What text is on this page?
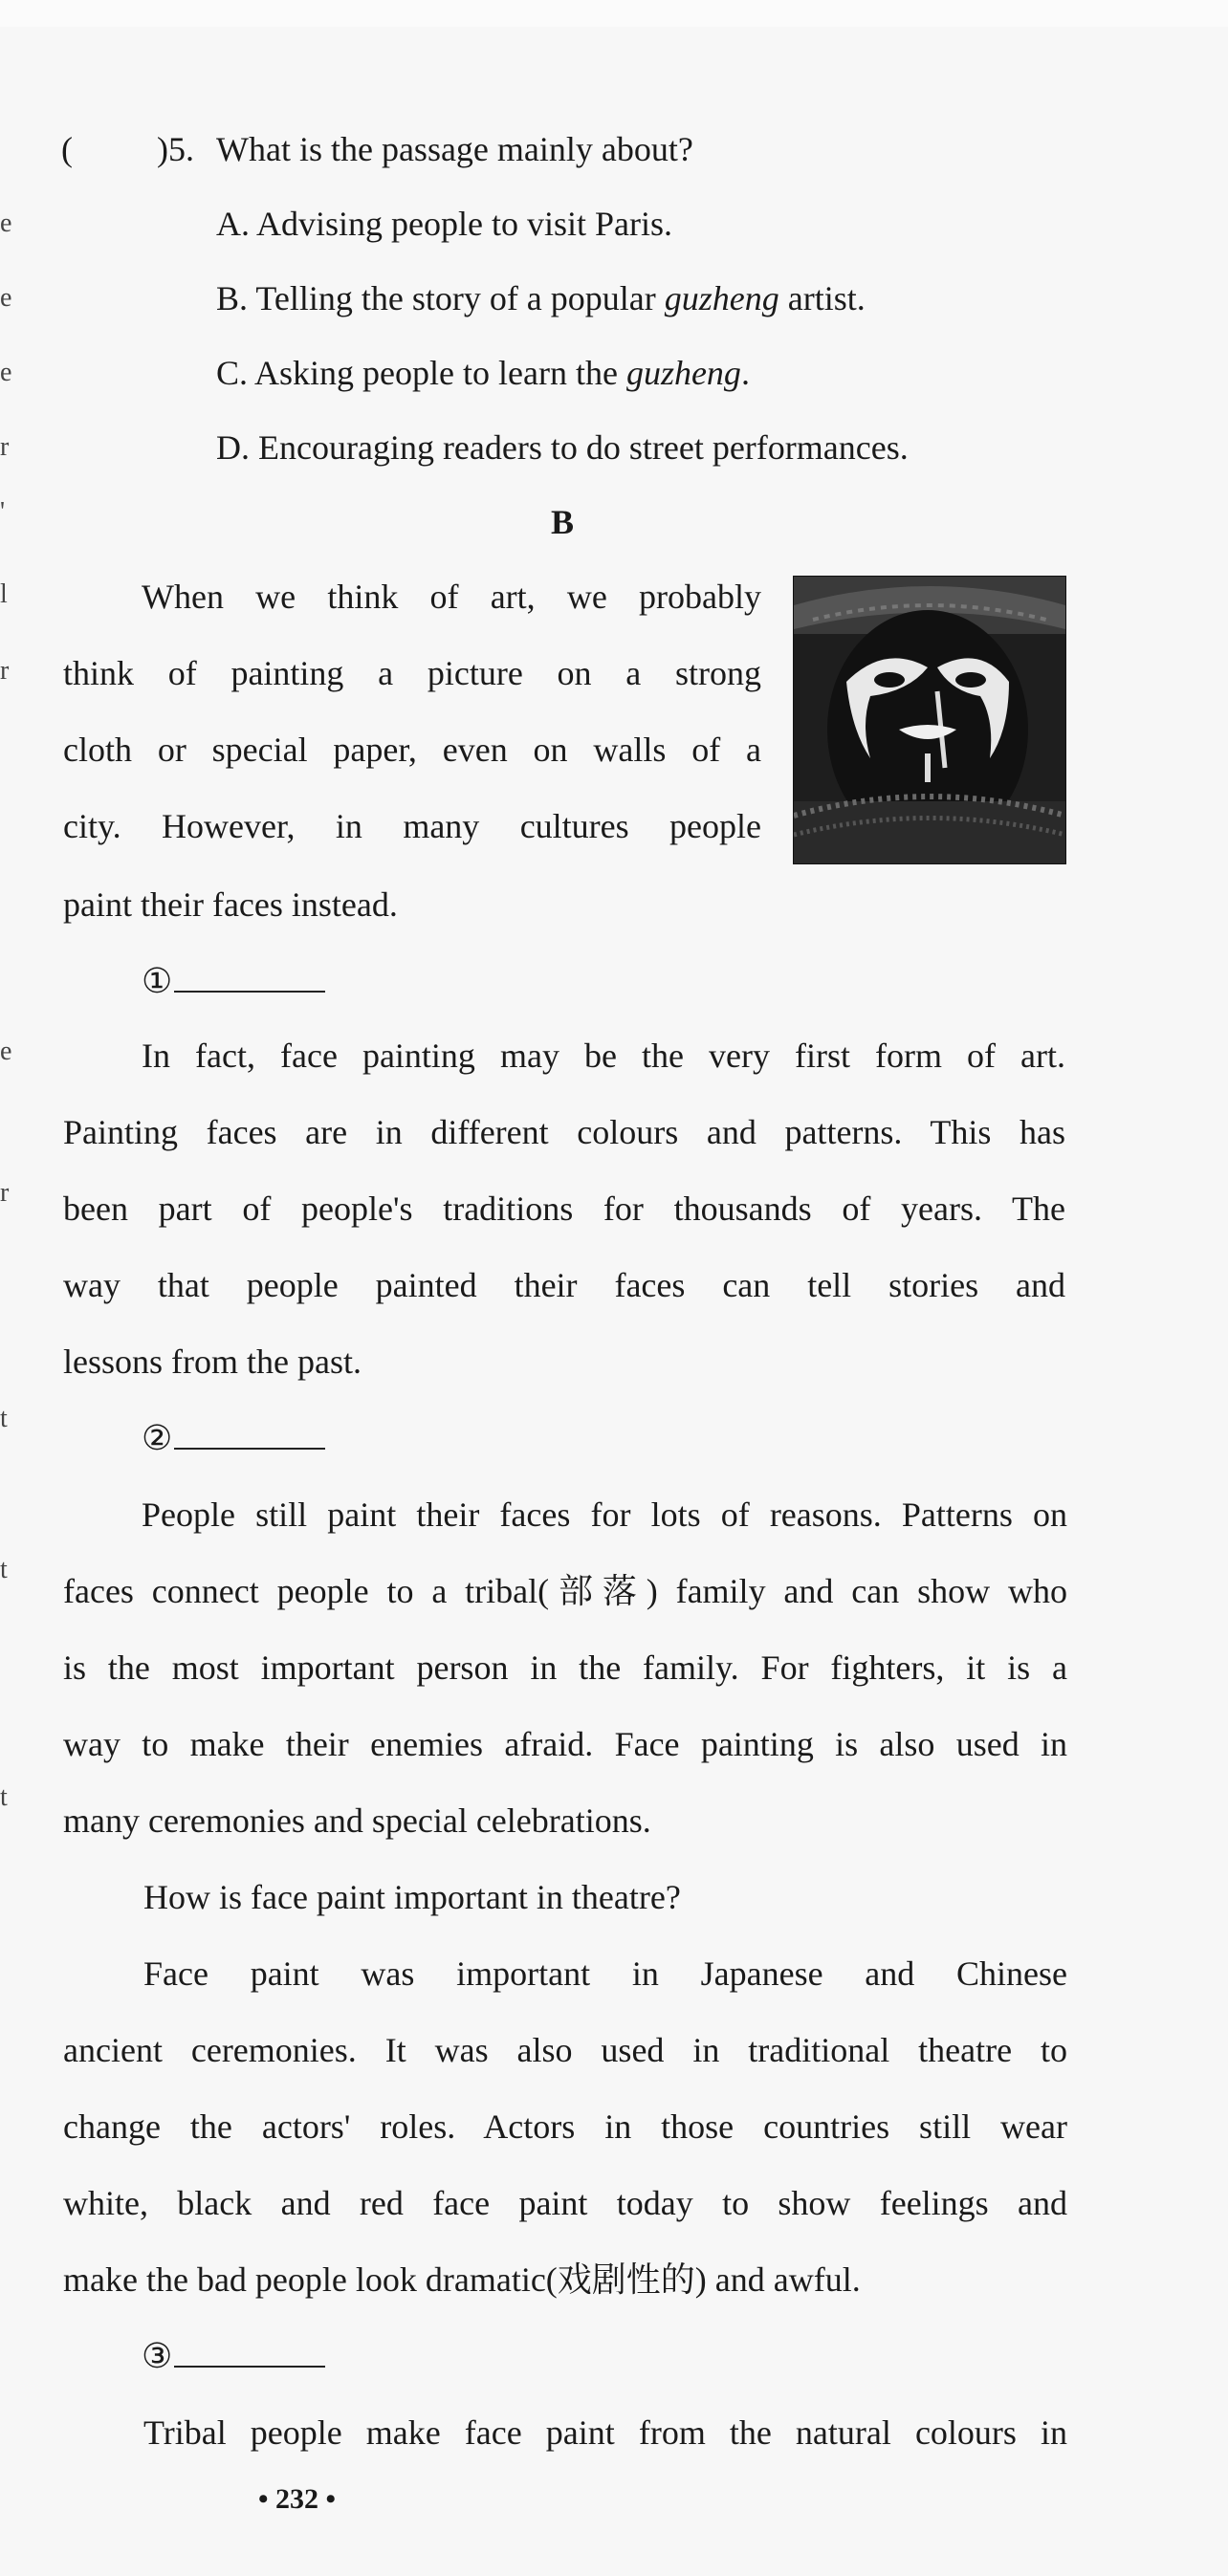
e
e
e
r
'
l
r
e
r
t
t
t
( )5. What is the passage mainly about?
A. Advising people to visit Paris.
B. Telling the story of a popular guzheng artist.
C. Asking people to learn the guzheng.
D. Encouraging readers to do street performances.
B
When we think of art, we probably
think of painting a picture on a strong
cloth or special paper, even on walls of a
city. However, in many cultures people
paint their faces instead.
①
In fact, face painting may be the very first form of art.
Painting faces are in different colours and patterns. This has
been part of people's traditions for thousands of years. The
way that people painted their faces can tell stories and
lessons from the past.
②
People still paint their faces for lots of reasons. Patterns on
faces connect people to a tribal(部落) family and can show who
is the most important person in the family. For fighters, it is a
way to make their enemies afraid. Face painting is also used in
many ceremonies and special celebrations.
How is face paint important in theatre?
Face paint was important in Japanese and Chinese
ancient ceremonies. It was also used in traditional theatre to
change the actors' roles. Actors in those countries still wear
white, black and red face paint today to show feelings and
make the bad people look dramatic(戏剧性的) and awful.
③
Tribal people make face paint from the natural colours in
• 232 •
